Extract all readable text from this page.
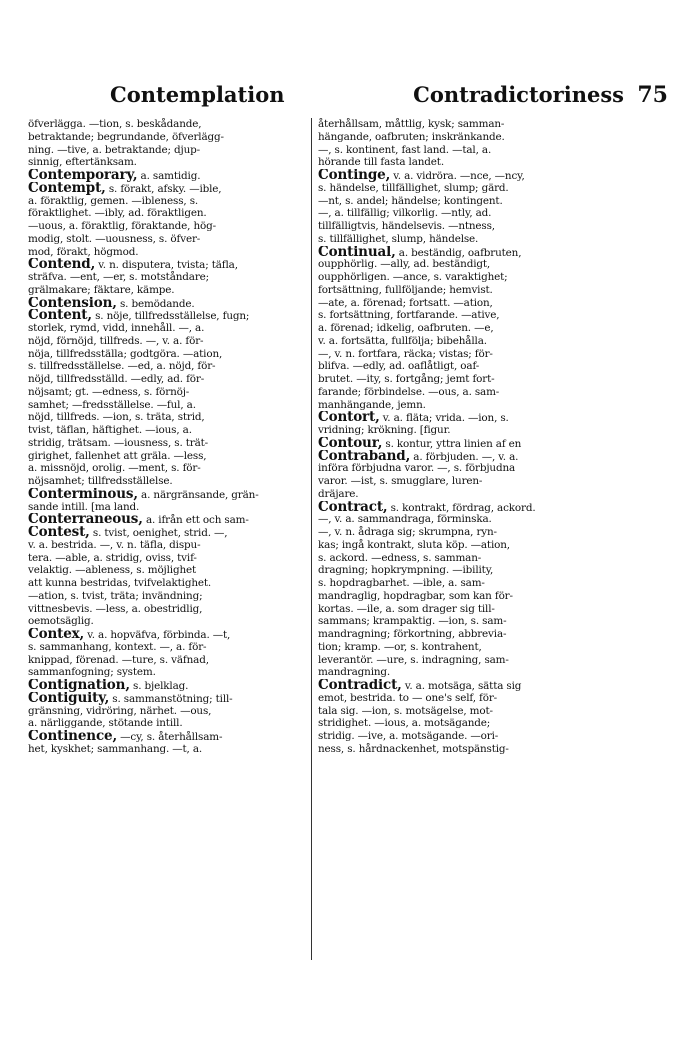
Contemplation	Contradictoriness 75
öfverlägga. —tion, s. beskådande,
betraktande; begrundande, öfverlägg-
ning. —tive, a. betraktande; djup-
sinnig, eftertänksam.
Contemporary, a. samtidig.
Contempt, s. förakt, afsky. —ible,
a. föraktlig, gemen. —ibleness, s.
föraktlighet. —ibly, ad. föraktligen.
—uous, a. föraktlig, föraktande, hög-
modig, stolt. —uousness, s. öfver-
mod, förakt, högmod.
Contend, v. n. disputera, tvista; täfla,
sträfva. —ent, —er, s. motståndare;
grälmakare; fäktare, kämpe.
Contension, s. bemödande.
Content, s. nöje, tillfredsställelse, fugn;
storlek, rymd, vidd, innehåll. —, a.
nöjd, förnöjd, tillfreds. —, v. a. för-
nöja, tillfredsställa; godtgöra. —ation,
s. tillfredsställelse. —ed, a. nöjd, för-
nöjd, tillfredsställd. —edly, ad. för-
nöjsamt; gt. —edness, s. förnöj-
samhet; —fredsställelse. —ful, a.
nöjd, tillfreds. —ion, s. träta, strid,
tvist, täflan, häftighet. —ious, a.
stridig, trätsam. —iousness, s. trät-
girighet, fallenhet att gräla. —less,
a. missnöjd, orolig. —ment, s. för-
nöjsamhet; tillfredsställelse.
Conterminous, a. närgränsande, grän-
sande intill. [ma land.
Conterraneous, a. ifrån ett och sam-
Contest, s. tvist, oenighet, strid. —,
v. a. bestrida. —, v. n. täfla, dispu-
tera. —able, a. stridig, oviss, tvif-
velaktig. —ableness, s. möjlighet
att kunna bestridas, tvifvelaktighet.
—ation, s. tvist, träta; invändning;
vittnesbevis. —less, a. obestridlig,
oemotsäglig.
Contex, v. a. hopväfva, förbinda. —t,
s. sammanhang, kontext. —, a. för-
knippad, förenad. —ture, s. väfnad,
sammanfogning; system.
Contignation, s. bjelklag.
Contiguity, s. sammanstötning; till-
gränsning, vidröring, närhet. —ous,
a. närliggande, stötande intill.
Continence, —cy, s. återhållsam-
het, kyskhet; sammanhang. —t, a.
återhållsam, måttlig, kysk; samman-
hängande, oafbruten; inskränkande.
—, s. kontinent, fast land. —tal, a.
hörande till fasta landet.
Continge, v. a. vidröra. —nce, —ncy,
s. händelse, tillfällighet, slump; gärd.
—nt, s. andel; händelse; kontingent.
—, a. tillfällig; vilkorlig. —ntly, ad.
tillfälligtvis, händelsevis. —ntness,
s. tillfällighet, slump, händelse.
Continual, a. beständig, oafbruten,
oupphörlig. —ally, ad. beständigt,
oupphörligen. —ance, s. varaktighet;
fortsättning, fullföljande; hemvist.
—ate, a. förenad; fortsatt. —ation,
s. fortsättning, fortfarande. —ative,
a. förenad; idkelig, oafbruten. —e,
v. a. fortsätta, fullfölja; bibehålla.
—, v. n. fortfara, räcka; vistas; för-
blifva. —edly, ad. oaflåtligt, oaf-
brutet. —ity, s. fortgång; jemt fort-
farande; förbindelse. —ous, a. sam-
manhängande, jemn.
Contort, v. a. fläta; vrida. —ion, s.
vridning; krökning. [figur.
Contour, s. kontur, yttra linien af en
Contraband, a. förbjuden. —, v. a.
införa förbjudna varor. —, s. förbjudna
varor. —ist, s. smugglare, luren-
dräjare.
Contract, s. kontrakt, fördrag, ackord.
—, v. a. sammandraga, förminska.
—, v. n. ådraga sig; skrumpna, ryn-
kas; ingå kontrakt, sluta köp. —ation,
s. ackord. —edness, s. samman-
dragning; hopkrympning. —ibility,
s. hopdragbarhet. —ible, a. sam-
mandraglig, hopdragbar, som kan för-
kortas. —ile, a. som drager sig till-
sammans; krampaktig. —ion, s. sam-
mandragning; förkortning, abbrevia-
tion; kramp. —or, s. kontrahent,
leverantör. —ure, s. indragning, sam-
mandragning.
Contradict, v. a. motsäga, sätta sig
emot, bestrida. to — one's self, för-
tala sig. —ion, s. motsägelse, mot-
stridighet. —ious, a. motsägande;
stridig. —ive, a. motsägande. —ori-
ness, s. hårdnackenhet, motspänstig-
